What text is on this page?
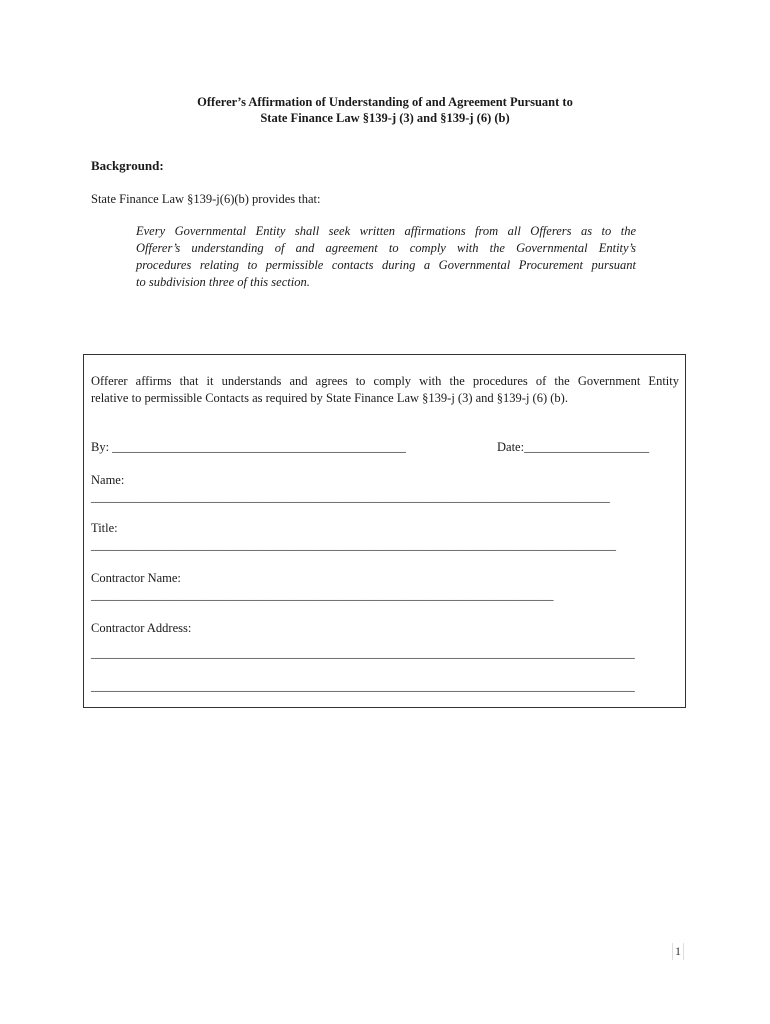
Offerer’s Affirmation of Understanding of and Agreement Pursuant to
State Finance Law §139-j (3) and §139-j (6) (b)
Background:
State Finance Law §139-j(6)(b) provides that:
Every Governmental Entity shall seek written affirmations from all Offerers as to the
Offerer’s understanding of and agreement to comply with the Governmental Entity’s
procedures relating to permissible contacts during a Governmental Procurement pursuant
to subdivision three of this section.
Offerer affirms that it understands and agrees to comply with the procedures of the Government Entity
relative to permissible Contacts as required by State Finance Law §139-j (3) and §139-j (6) (b).
By: _______________________________________________	Date:____________________
Name:
___________________________________________________________________________________
Title:
____________________________________________________________________________________
Contractor Name:
__________________________________________________________________________
Contractor Address:
_______________________________________________________________________________________
_______________________________________________________________________________________
1
